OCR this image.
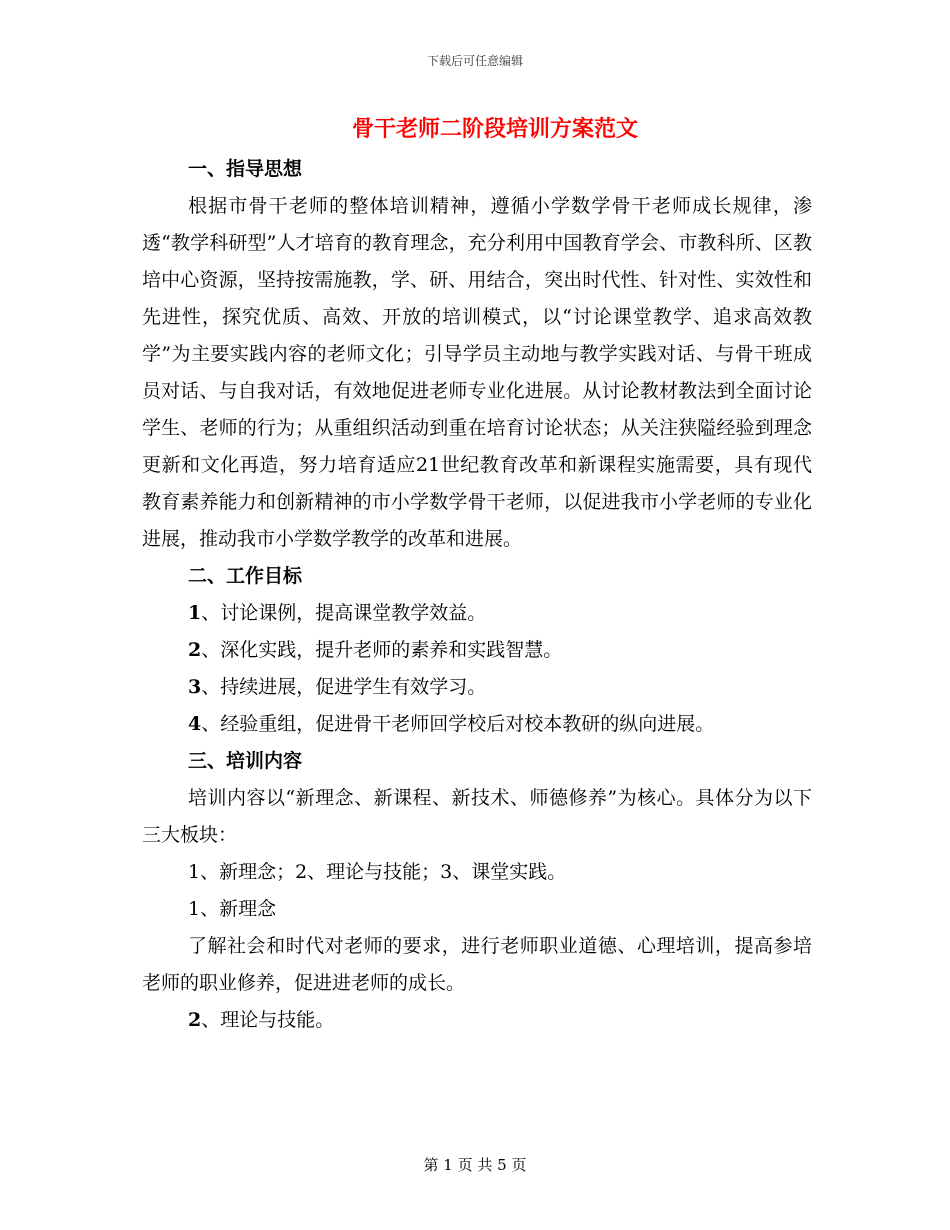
下载后可任意编辑
骨干老师二阶段培训方案范文

一、指导思想

根据市骨干老师的整体培训精神，遵循小学数学骨干老师成长规律，渗透“教学科研型”人才培育的教育理念，充分利用中国教育学会、市教科所、区教培中心资源，坚持按需施教，学、研、用结合，突出时代性、针对性、实效性和先进性，探究优质、高效、开放的培训模式，以“讨论课堂教学、追求高效教学”为主要实践内容的老师文化；引导学员主动地与教学实践对话、与骨干班成员对话、与自我对话，有效地促进老师专业化进展。从讨论教材教法到全面讨论学生、老师的行为；从重组织活动到重在培育讨论状态；从关注狭隘经验到理念更新和文化再造，努力培育适应21世纪教育改革和新课程实施需要，具有现代教育素养能力和创新精神的市小学数学骨干老师，以促进我市小学老师的专业化进展，推动我市小学数学教学的改革和进展。

二、工作目标

1、讨论课例，提高课堂教学效益。

2、深化实践，提升老师的素养和实践智慧。

3、持续进展，促进学生有效学习。

4、经验重组，促进骨干老师回学校后对校本教研的纵向进展。

三、培训内容

培训内容以“新理念、新课程、新技术、师德修养”为核心。具体分为以下三大板块：

1、新理念；2、理论与技能；3、课堂实践。

1、新理念

了解社会和时代对老师的要求，进行老师职业道德、心理培训，提高参培老师的职业修养，促进进老师的成长。

2、理论与技能。

第 1 页 共 5 页
